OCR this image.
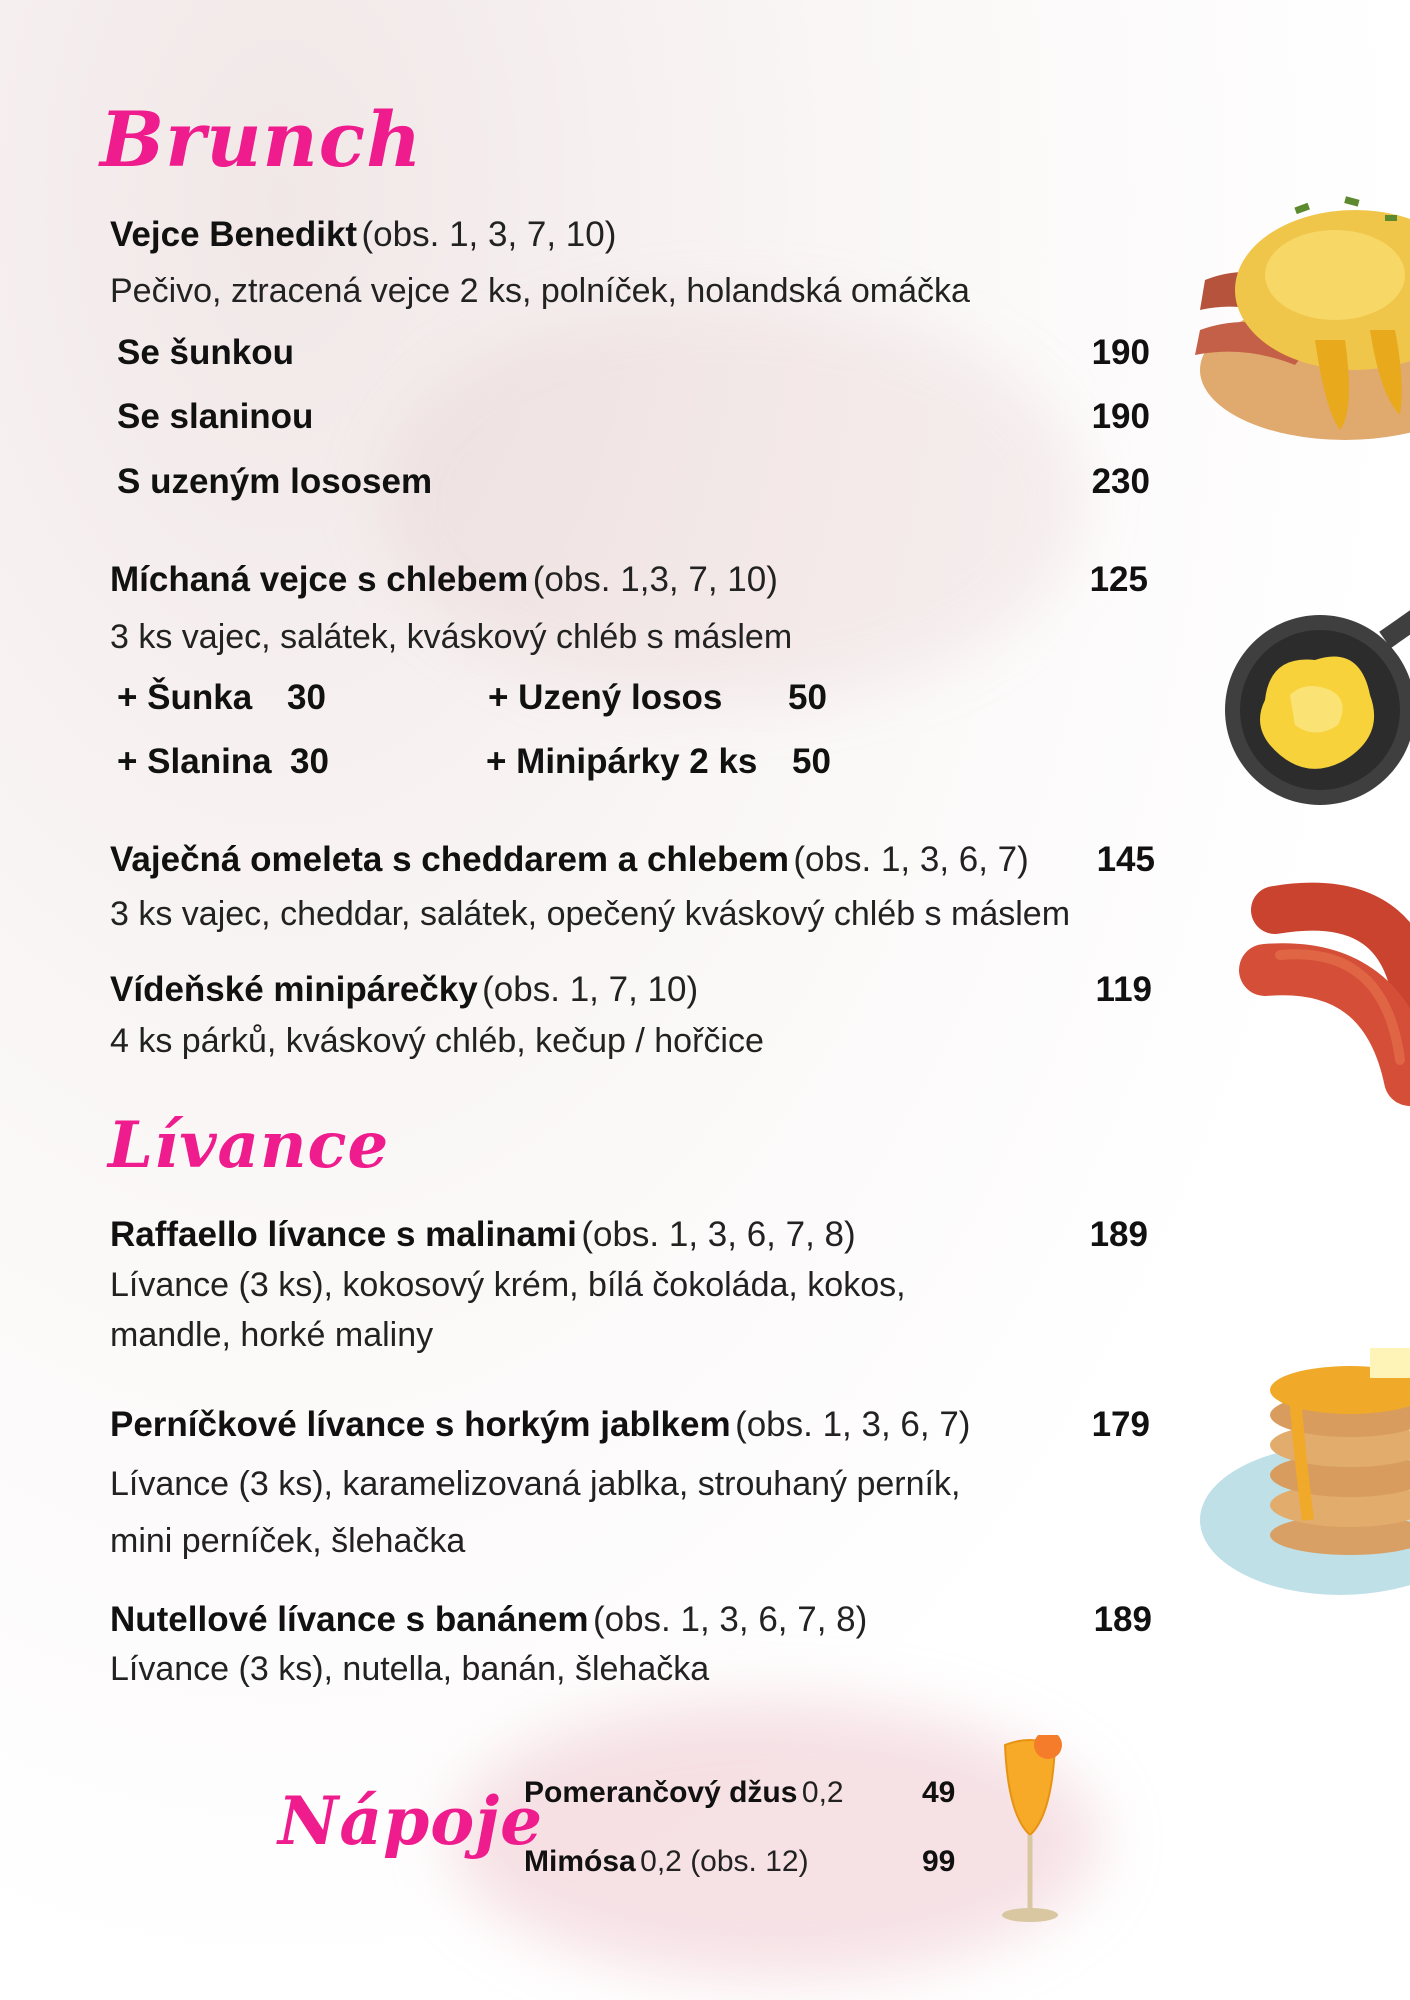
Brunch
Vejce Benedikt (obs. 1, 3, 7, 10)
Pečivo, ztracená vejce 2 ks, polníček, holandská omáčka
Se šunkou	190
Se slaninou	190
S uzeným lososem	230
Míchaná vejce s chlebem (obs. 1,3, 7, 10)	125
3 ks vajec, salátek, kváskový chléb s máslem
+ Šunka 30	+ Uzený losos 50
+ Slanina 30	+ Minipárky 2 ks 50
Vaječná omeleta s cheddarem a chlebem (obs. 1, 3, 6, 7)	145
3 ks vajec, cheddar, salátek, opečený kváskový chléb s máslem
Vídeňské minipárečky (obs. 1, 7, 10)	119
4 ks párků, kváskový chléb, kečup / hořčice
Lívance
Raffaello lívance s malinami (obs. 1, 3, 6, 7, 8)	189
Lívance (3 ks), kokosový krém, bílá čokoláda, kokos,
mandle, horké maliny
Perníčkové lívance s horkým jablkem (obs. 1, 3, 6, 7)	179
Lívance (3 ks), karamelizovaná jablka, strouhaný perník,
mini perníček, šlehačka
Nutellové lívance s banánem (obs. 1, 3, 6, 7, 8)	189
Lívance (3 ks), nutella, banán, šlehačka
Nápoje
Pomerančový džus 0,2	49
Mimósa 0,2 (obs. 12)	99
